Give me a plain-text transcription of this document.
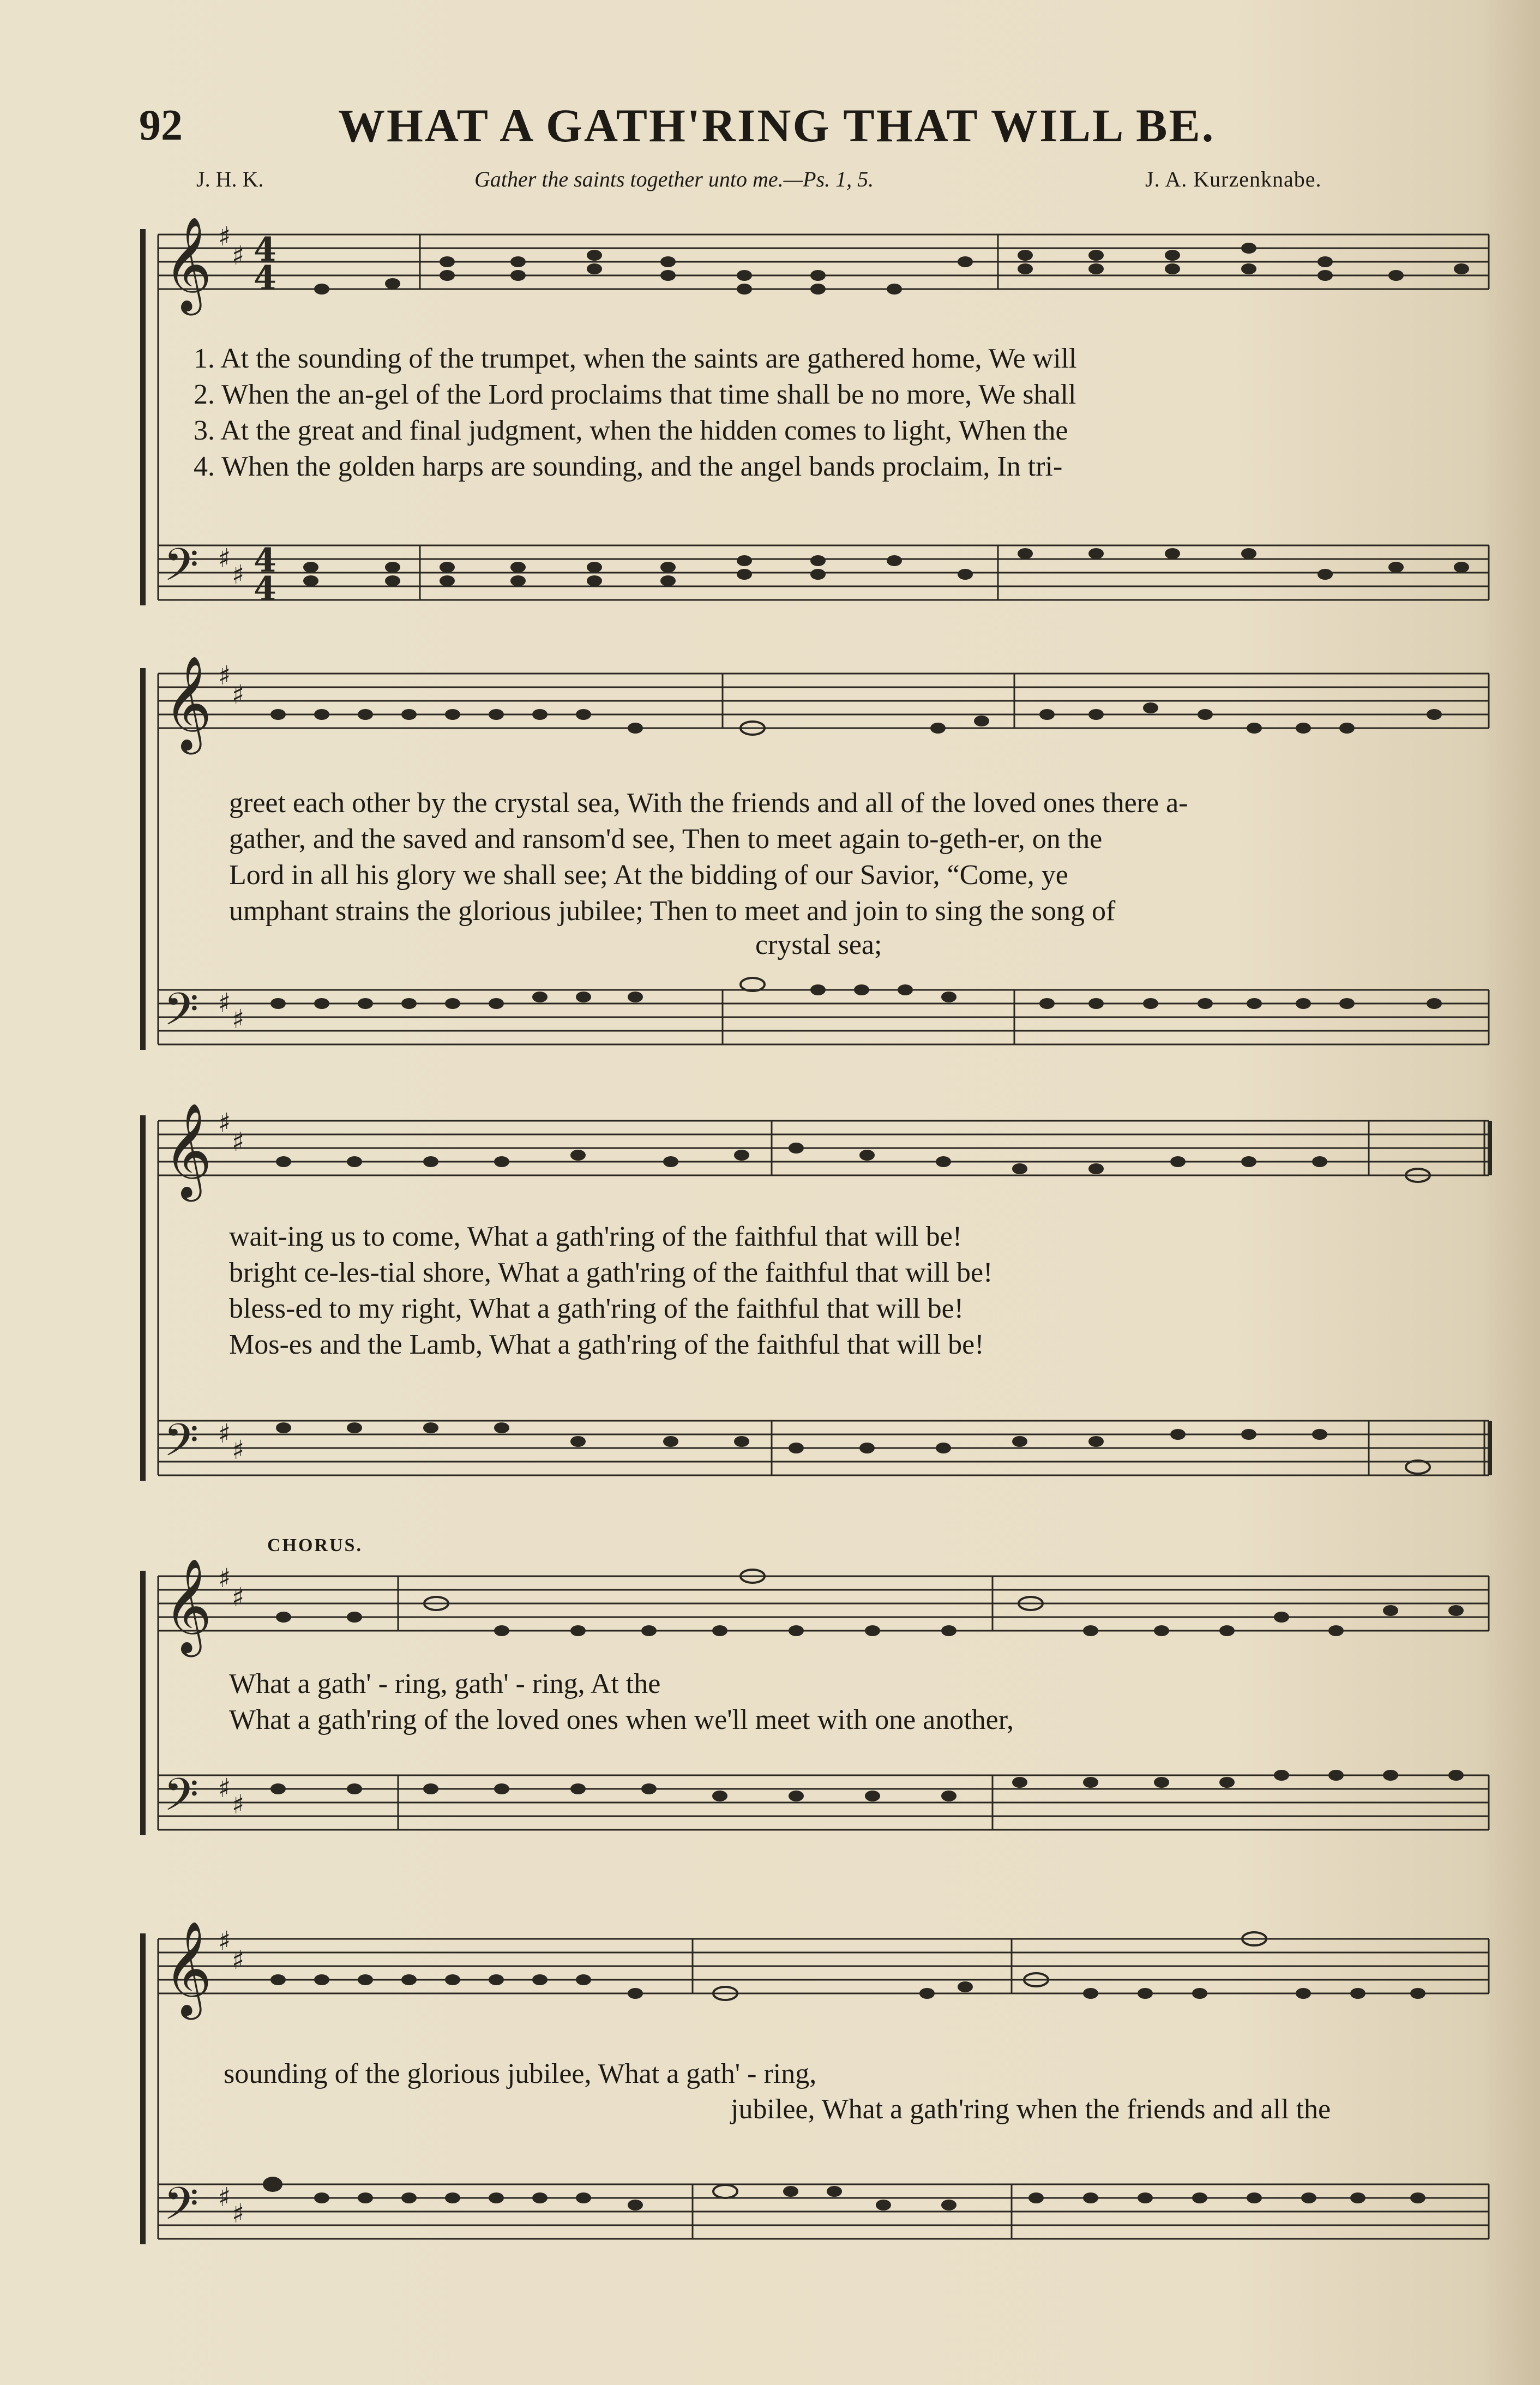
92	WHAT A GATH'RING THAT WILL BE.
J. H. K.	Gather the saints together unto me.—Ps. 1, 5.	J. A. Kurzenknabe.
𝄞
𝄢
𝄞
𝄢
𝄞
𝄢
𝄞
𝄢
𝄞
𝄢
♯
♯
♯
♯
♯
♯
♯
♯
♯
♯
♯
♯
♯
♯
♯
♯
♯
♯
♯
♯
4
4
4
4
1. At the sounding of the trumpet, when the saints are gathered home, We will
2. When the an-gel of the Lord proclaims that time shall be no more, We shall
3. At the great and final judgment, when the hidden comes to light, When the
4. When the golden harps are sounding, and the angel bands proclaim, In tri-
greet each other by the crystal sea, With the friends and all of the loved ones there a-
gather, and the saved and ransom'd see, Then to meet again to-geth-er, on the
Lord in all his glory we shall see; At the bidding of our Savior, “Come, ye
umphant strains the glorious jubilee; Then to meet and join to sing the song of
crystal sea;
wait-ing us to come, What a gath'ring of the faithful that will be!
bright ce-les-tial shore, What a gath'ring of the faithful that will be!
bless-ed to my right, What a gath'ring of the faithful that will be!
Mos-es and the Lamb, What a gath'ring of the faithful that will be!
CHORUS.
What a gath' - ring, gath' - ring, At the
What a gath'ring of the loved ones when we'll meet with one another,
sounding of the glorious jubilee, What a gath' - ring,
jubilee, What a gath'ring when the friends and all the
